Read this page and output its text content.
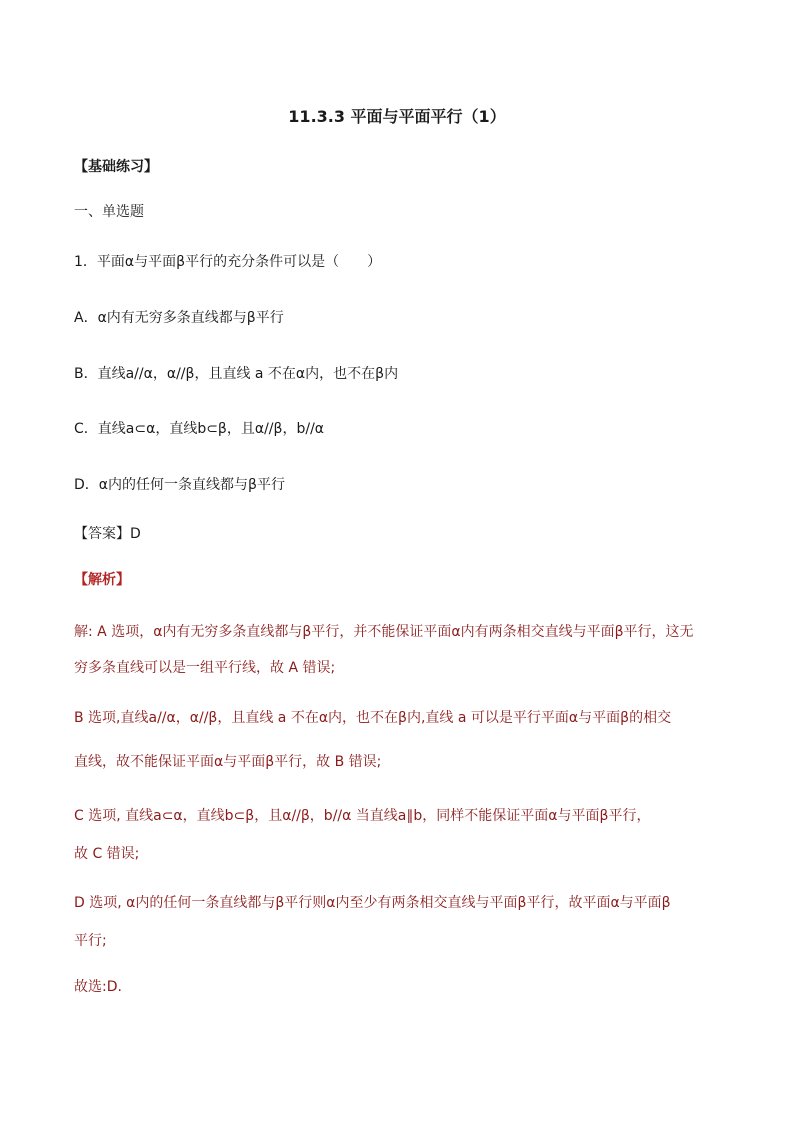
11.3.3 平面与平面平行（1）
【基础练习】
一、单选题
1．平面α与平面β平行的充分条件可以是（　　）
A．α内有无穷多条直线都与β平行
B．直线a//α，α//β，且直线 a 不在α内，也不在β内
C．直线a⊂α，直线b⊂β，且α//β，b//α
D．α内的任何一条直线都与β平行
【答案】D
【解析】
解: A 选项，α内有无穷多条直线都与β平行，并不能保证平面α内有两条相交直线与平面β平行，这无
穷多条直线可以是一组平行线，故 A 错误;
B 选项,直线a//α，α//β，且直线 a 不在α内，也不在β内,直线 a 可以是平行平面α与平面β的相交
直线，故不能保证平面α与平面β平行，故 B 错误;
C 选项, 直线a⊂α，直线b⊂β，且α//β，b//α 当直线a∥b，同样不能保证平面α与平面β平行，
故 C 错误;
D 选项, α内的任何一条直线都与β平行则α内至少有两条相交直线与平面β平行，故平面α与平面β
平行;
故选:D.
